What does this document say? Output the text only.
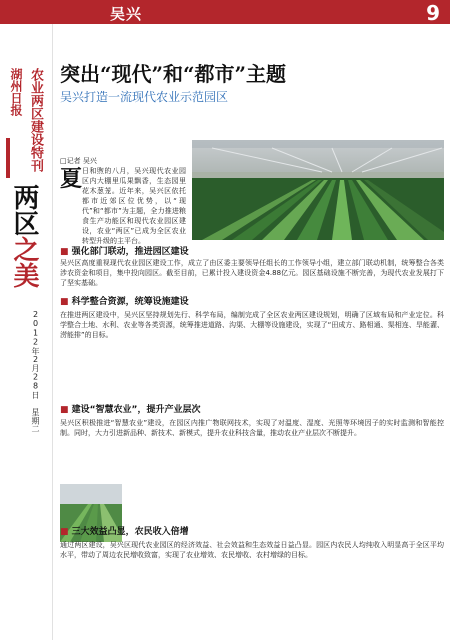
吴兴	9
农业两区建设特刊
湖州日报
两区之美
2012年2月28日 星期二
突出“现代”和“都市”主题
吴兴打造一流现代农业示范园区
□记者 吴兴
夏 日和煦的八月，吴兴现代农业园区内大棚里瓜果飘香，生态园里花木葱茏。近年来，吴兴区依托都市近郊区位优势，以“现代”和“都市”为主题，全力推进粮食生产功能区和现代农业园区建设，农业“两区”已成为全区农业转型升级的主平台。
■ 强化部门联动，推进园区建设
吴兴区高度重视现代农业园区建设工作，成立了由区委主要领导任组长的工作领导小组，建立部门联动机制，统筹整合各类涉农资金和项目，集中投向园区。截至目前，已累计投入建设资金4.88亿元。园区基础设施不断完善，为现代农业发展打下了坚实基础。
■ 科学整合资源，统筹设施建设
在推进两区建设中，吴兴区坚持规划先行、科学布局，编制完成了全区农业两区建设规划，明确了区域布局和产业定位。科学整合土地、水利、农业等各类资源，统筹推进道路、沟渠、大棚等设施建设，实现了“田成方、路相通、渠相连、旱能灌、涝能排”的目标。
■ 建设“智慧农业”，提升产业层次
吴兴区积极推进“智慧农业”建设，在园区内推广物联网技术，实现了对温度、湿度、光照等环境因子的实时监测和智能控制。同时，大力引进新品种、新技术、新模式，提升农业科技含量，推动农业产业层次不断提升。
■ 三大效益凸显，农民收入倍增
通过两区建设，吴兴区现代农业园区的经济效益、社会效益和生态效益日益凸显。园区内农民人均纯收入明显高于全区平均水平，带动了周边农民增收致富，实现了农业增效、农民增收、农村增绿的目标。
